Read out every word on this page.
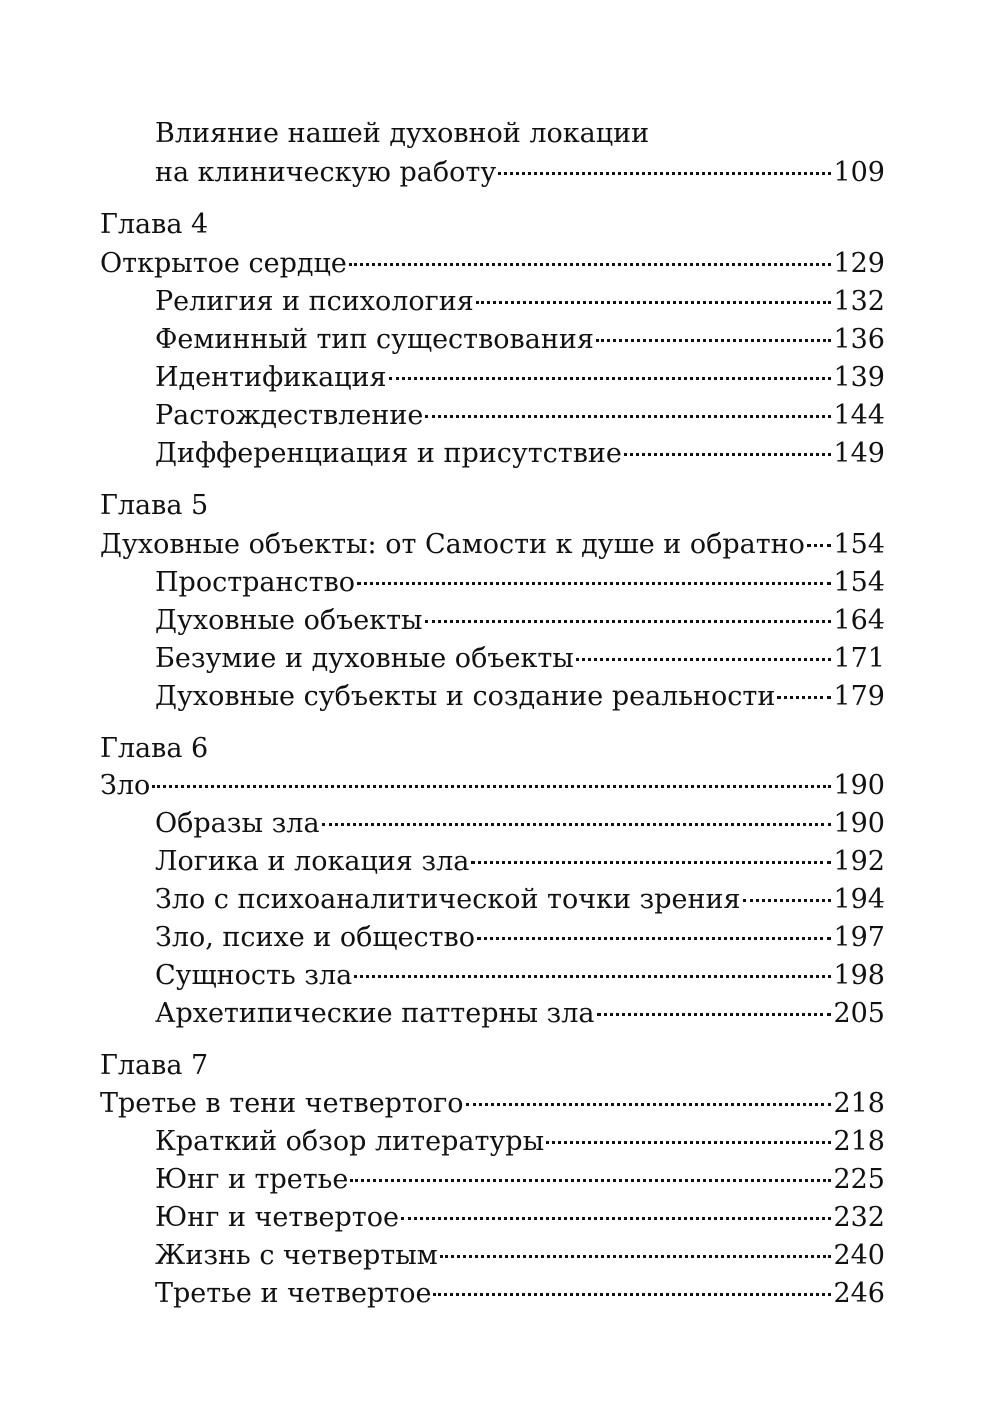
Влияние нашей духовной локации
на клиническую работу	109
Глава 4
Открытое сердце	129
Религия и психология	132
Феминный тип существования	136
Идентификация	139
Растождествление	144
Дифференциация и присутствие	149
Глава 5
Духовные объекты: от Самости к душе и обратно 154
Пространство	154
Духовные объекты	164
Безумие и духовные объекты	171
Духовные субъекты и создание реальности 179
Глава 6
Зло	190
Образы зла	190
Логика и локация зла	192
Зло с психоаналитической точки зрения	194
Зло, психе и общество	197
Сущность зла	198
Архетипические паттерны зла	205
Глава 7
Третье в тени четвертого	218
Краткий обзор литературы	218
Юнг и третье	225
Юнг и четвертое	232
Жизнь с четвертым	240
Третье и четвертое	246
